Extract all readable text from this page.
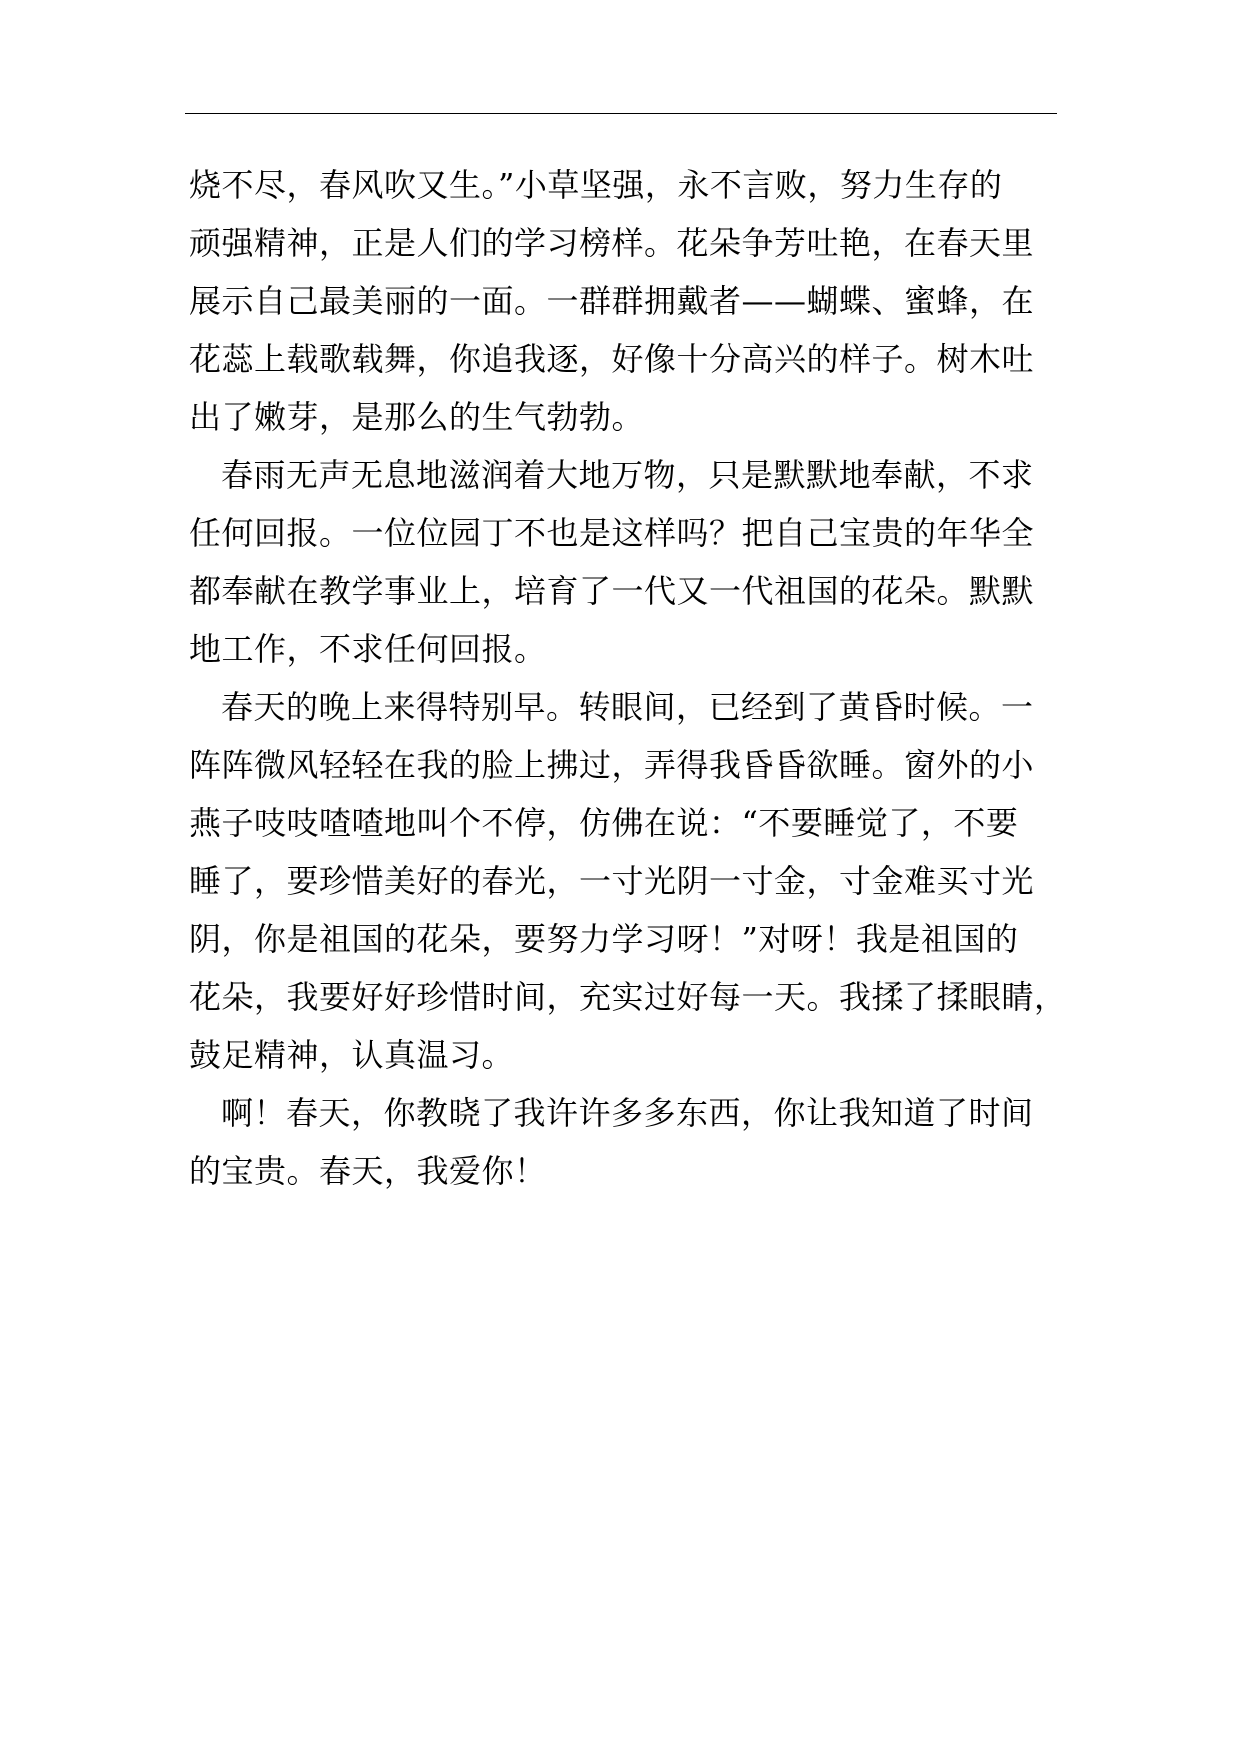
烧不尽，春风吹又生。”小草坚强，永不言败，努力生存的
顽强精神，正是人们的学习榜样。花朵争芳吐艳，在春天里
展示自己最美丽的一面。一群群拥戴者——蝴蝶、蜜蜂，在
花蕊上载歌载舞，你追我逐，好像十分高兴的样子。树木吐
出了嫩芽，是那么的生气勃勃。
春雨无声无息地滋润着大地万物，只是默默地奉献，不求
任何回报。一位位园丁不也是这样吗？把自己宝贵的年华全
都奉献在教学事业上，培育了一代又一代祖国的花朵。默默
地工作，不求任何回报。
春天的晚上来得特别早。转眼间，已经到了黄昏时候。一
阵阵微风轻轻在我的脸上拂过，弄得我昏昏欲睡。窗外的小
燕子吱吱喳喳地叫个不停，仿佛在说：“不要睡觉了，不要
睡了，要珍惜美好的春光，一寸光阴一寸金，寸金难买寸光
阴，你是祖国的花朵，要努力学习呀！”对呀！我是祖国的
花朵，我要好好珍惜时间，充实过好每一天。我揉了揉眼睛，
鼓足精神，认真温习。
啊！春天，你教晓了我许许多多东西，你让我知道了时间
的宝贵。春天，我爱你！
